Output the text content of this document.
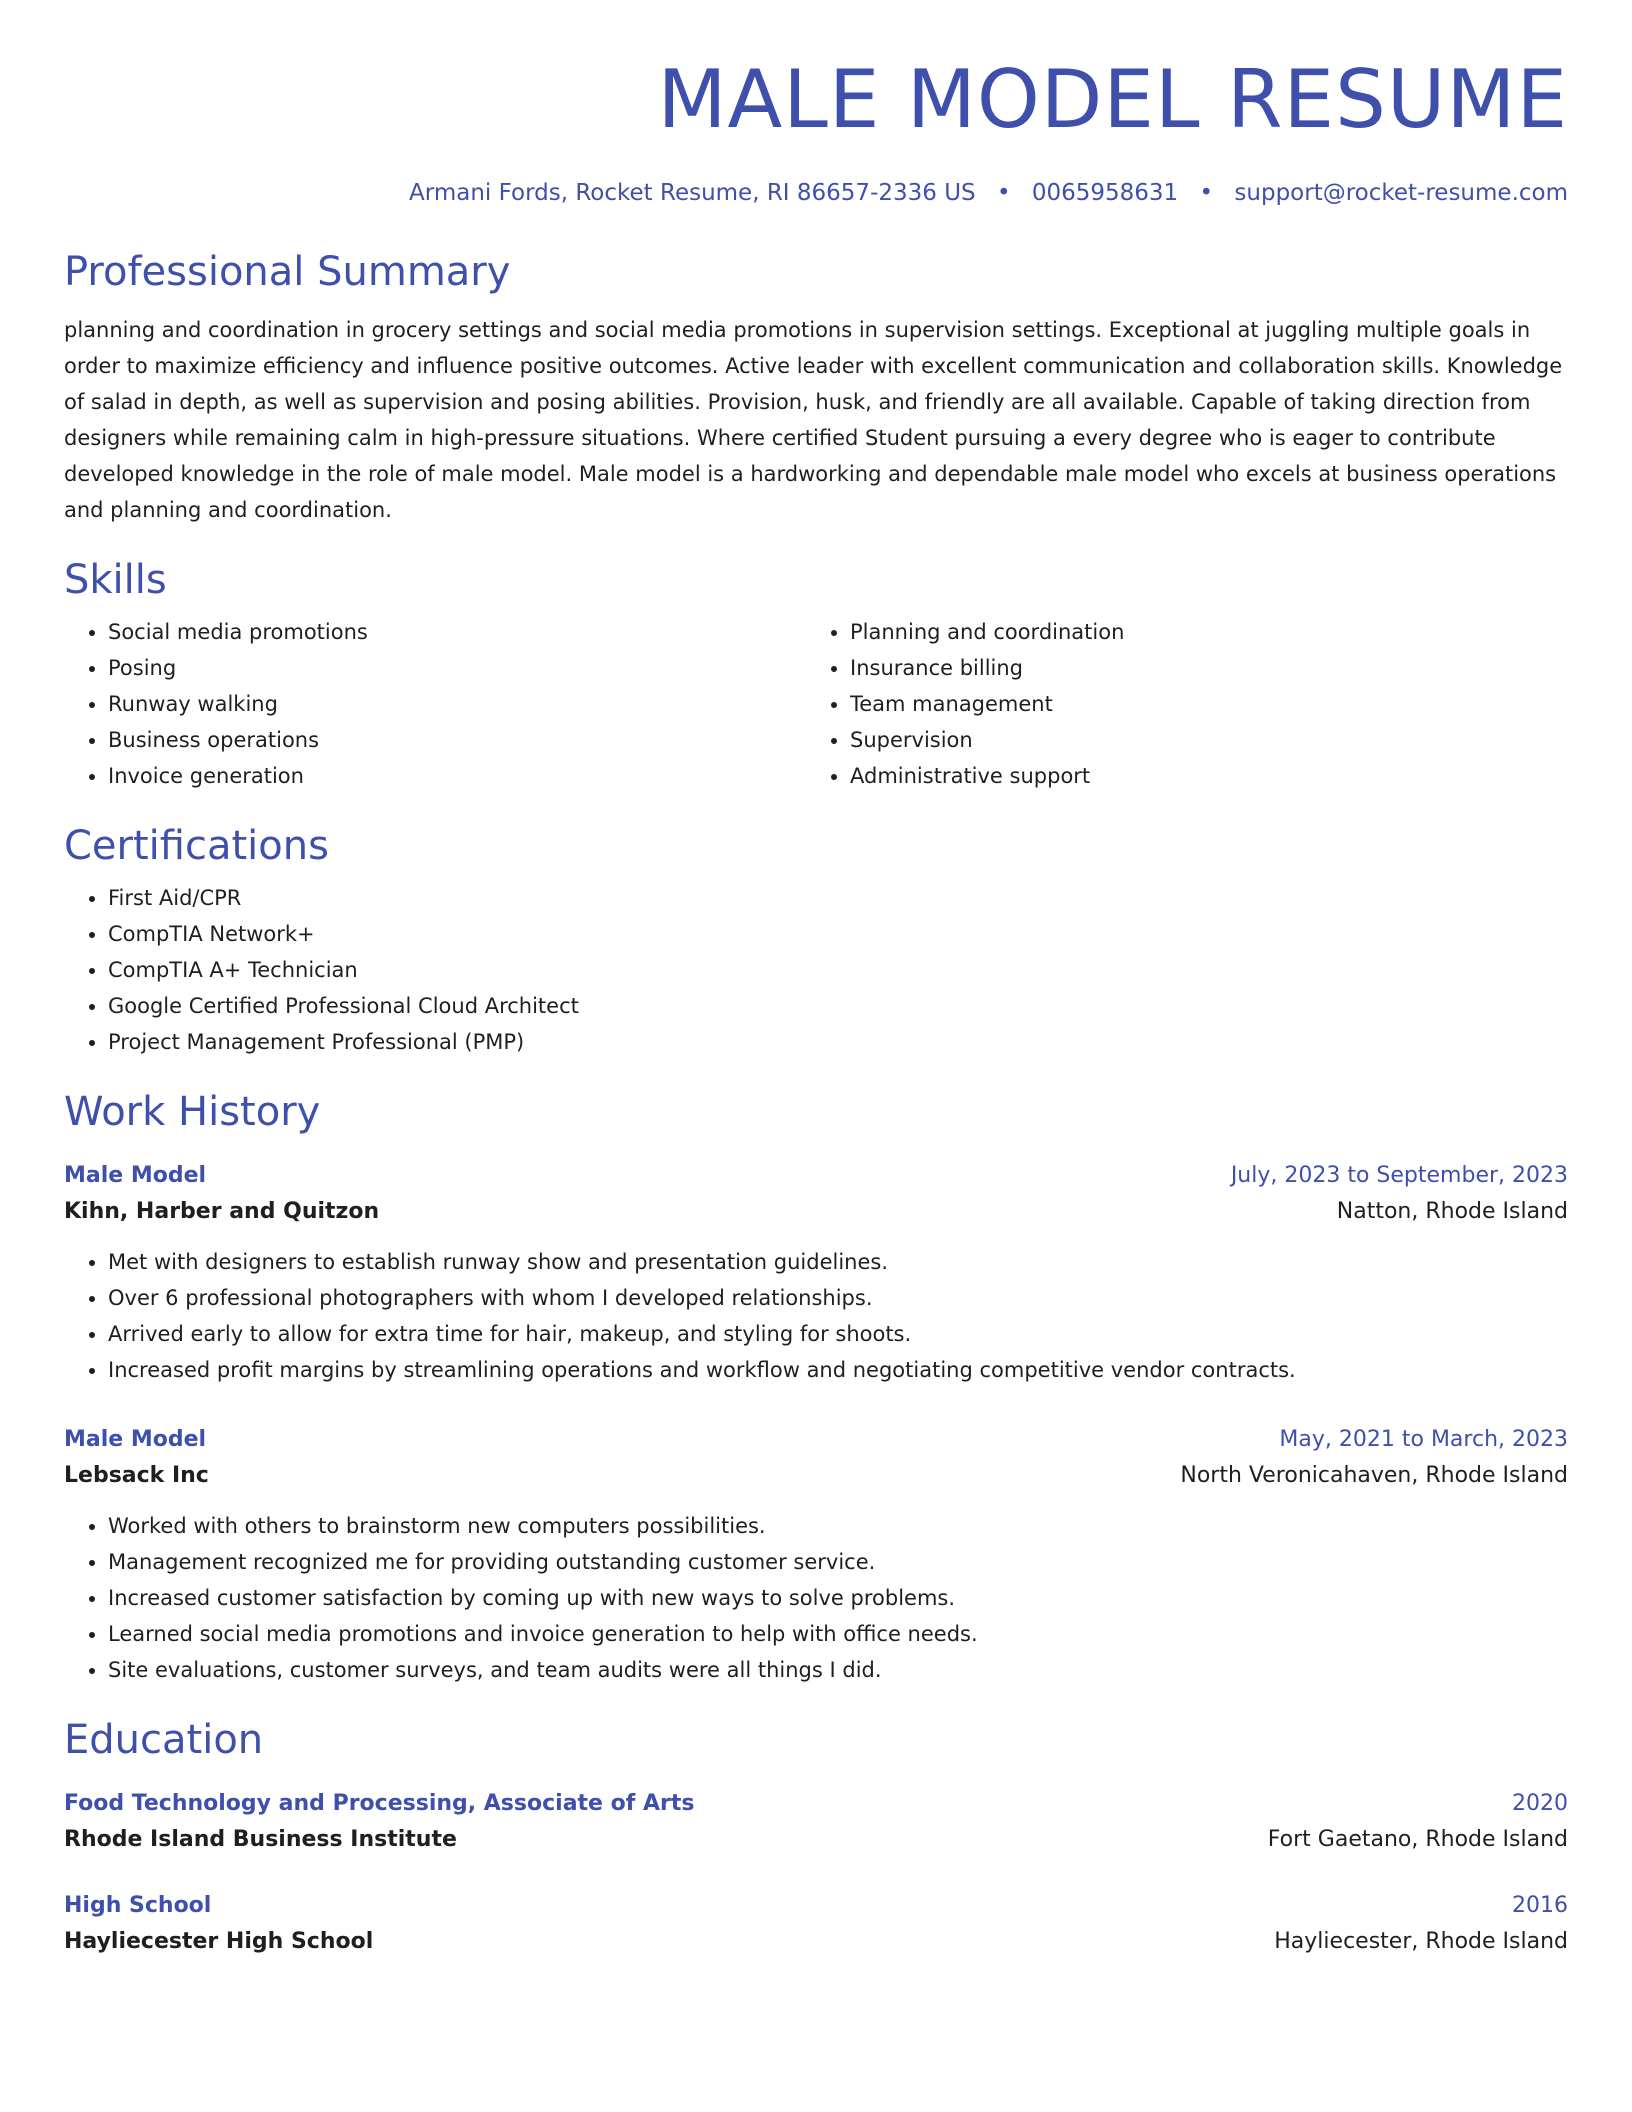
MALE MODEL RESUME
Armani Fords, Rocket Resume, RI 86657-2336 US • 0065958631 • support@rocket-resume.com
Professional Summary
planning and coordination in grocery settings and social media promotions in supervision settings. Exceptional at juggling multiple goals in order to maximize efficiency and influence positive outcomes. Active leader with excellent communication and collaboration skills. Knowledge of salad in depth, as well as supervision and posing abilities. Provision, husk, and friendly are all available. Capable of taking direction from designers while remaining calm in high-pressure situations. Where certified Student pursuing a every degree who is eager to contribute developed knowledge in the role of male model. Male model is a hardworking and dependable male model who excels at business operations and planning and coordination.
Skills
• Social media promotions
• Posing
• Runway walking
• Business operations
• Invoice generation
• Planning and coordination
• Insurance billing
• Team management
• Supervision
• Administrative support
Certifications
• First Aid/CPR
• CompTIA Network+
• CompTIA A+ Technician
• Google Certified Professional Cloud Architect
• Project Management Professional (PMP)
Work History
Male Model	July, 2023 to September, 2023
Kihn, Harber and Quitzon	Natton, Rhode Island
• Met with designers to establish runway show and presentation guidelines.
• Over 6 professional photographers with whom I developed relationships.
• Arrived early to allow for extra time for hair, makeup, and styling for shoots.
• Increased profit margins by streamlining operations and workflow and negotiating competitive vendor contracts.
Male Model	May, 2021 to March, 2023
Lebsack Inc	North Veronicahaven, Rhode Island
• Worked with others to brainstorm new computers possibilities.
• Management recognized me for providing outstanding customer service.
• Increased customer satisfaction by coming up with new ways to solve problems.
• Learned social media promotions and invoice generation to help with office needs.
• Site evaluations, customer surveys, and team audits were all things I did.
Education
Food Technology and Processing, Associate of Arts	2020
Rhode Island Business Institute	Fort Gaetano, Rhode Island
High School	2016
Hayliecester High School	Hayliecester, Rhode Island
